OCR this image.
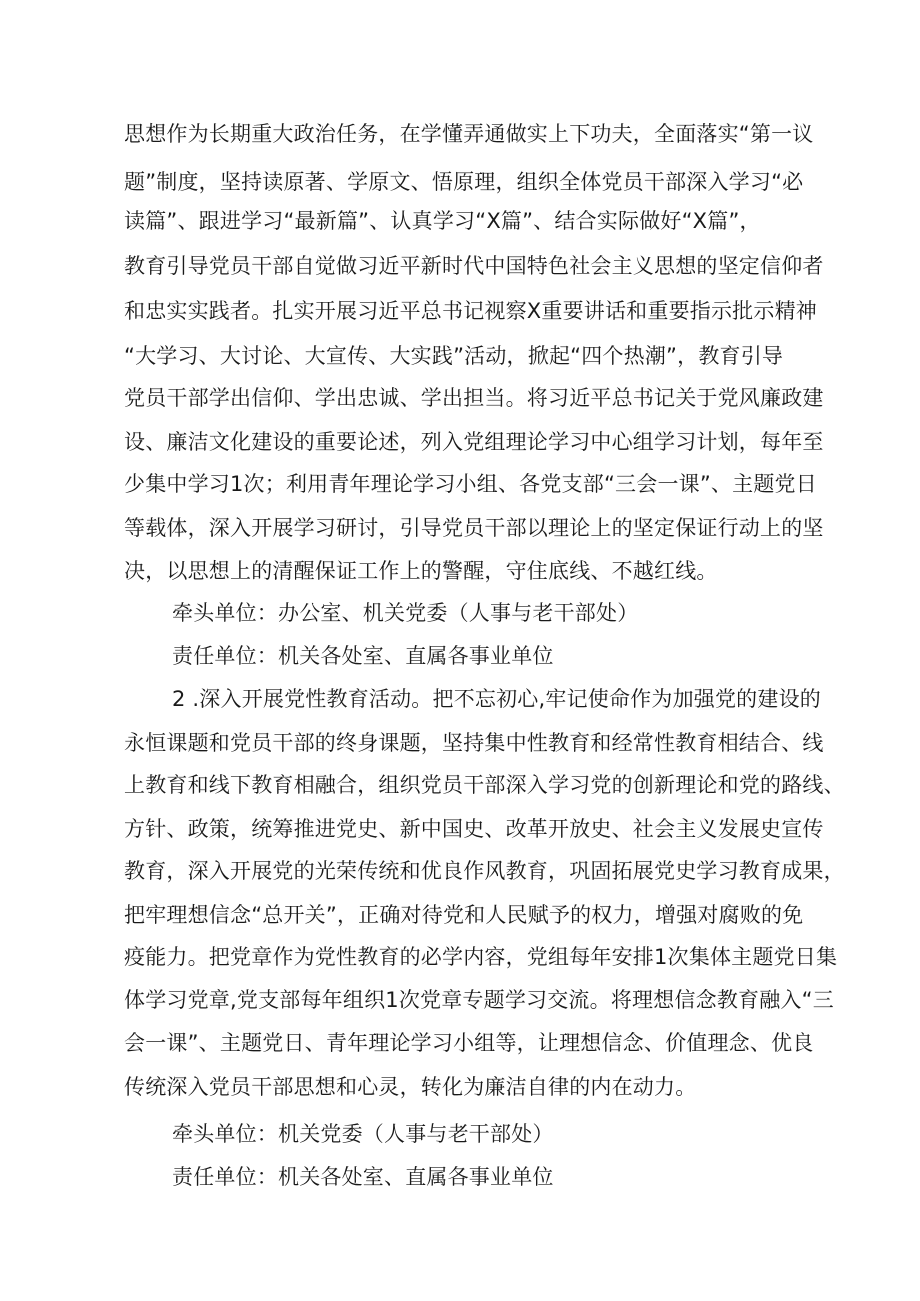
思想作为长期重大政治任务，在学懂弄通做实上下功夫，全面落实“第一议
题”制度，坚持读原著、学原文、悟原理，组织全体党员干部深入学习“必
读篇”、跟进学习“最新篇”、认真学习“X篇”、结合实际做好“X篇”，
教育引导党员干部自觉做习近平新时代中国特色社会主义思想的坚定信仰者
和忠实实践者。扎实开展习近平总书记视察X重要讲话和重要指示批示精神
“大学习、大讨论、大宣传、大实践”活动，掀起“四个热潮”，教育引导
党员干部学出信仰、学出忠诚、学出担当。将习近平总书记关于党风廉政建
设、廉洁文化建设的重要论述，列入党组理论学习中心组学习计划，每年至
少集中学习1次；利用青年理论学习小组、各党支部“三会一课”、主题党日
等载体，深入开展学习研讨，引导党员干部以理论上的坚定保证行动上的坚
决，以思想上的清醒保证工作上的警醒，守住底线、不越红线。
牵头单位：办公室、机关党委（人事与老干部处）
责任单位：机关各处室、直属各事业单位
2 .深入开展党性教育活动。把不忘初心,牢记使命作为加强党的建设的
永恒课题和党员干部的终身课题，坚持集中性教育和经常性教育相结合、线
上教育和线下教育相融合，组织党员干部深入学习党的创新理论和党的路线、
方针、政策，统筹推进党史、新中国史、改革开放史、社会主义发展史宣传
教育，深入开展党的光荣传统和优良作风教育，巩固拓展党史学习教育成果，
把牢理想信念“总开关”，正确对待党和人民赋予的权力，增强对腐败的免
疫能力。把党章作为党性教育的必学内容，党组每年安排1次集体主题党日集
体学习党章,党支部每年组织1次党章专题学习交流。将理想信念教育融入“三
会一课”、主题党日、青年理论学习小组等，让理想信念、价值理念、优良
传统深入党员干部思想和心灵，转化为廉洁自律的内在动力。
牵头单位：机关党委（人事与老干部处）
责任单位：机关各处室、直属各事业单位
